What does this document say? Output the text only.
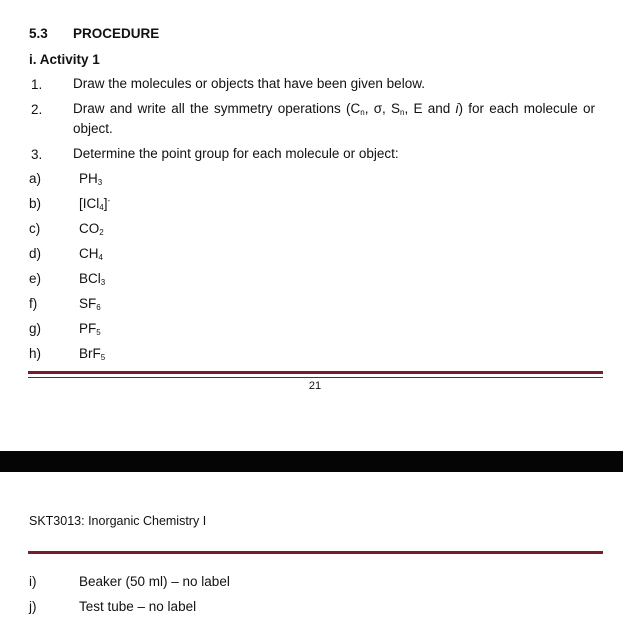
5.3 PROCEDURE
i. Activity 1
1. Draw the molecules or objects that have been given below.
2. Draw and write all the symmetry operations ($C_n$, σ, $S_n$, E and i) for each molecule or
object.
3. Determine the point group for each molecule or object:
a)	$PH_3$
b)	[ICl$_4$]-
c)	$CO_2$
d)	$CH_4$
e)	BCl$_3$
f)	$SF_6$
g)	$PF_5$
h)	BrF$_5$
21
SKT3013: Inorganic Chemistry I
i)	Beaker (50 ml) – no label
j)	Test tube – no label
